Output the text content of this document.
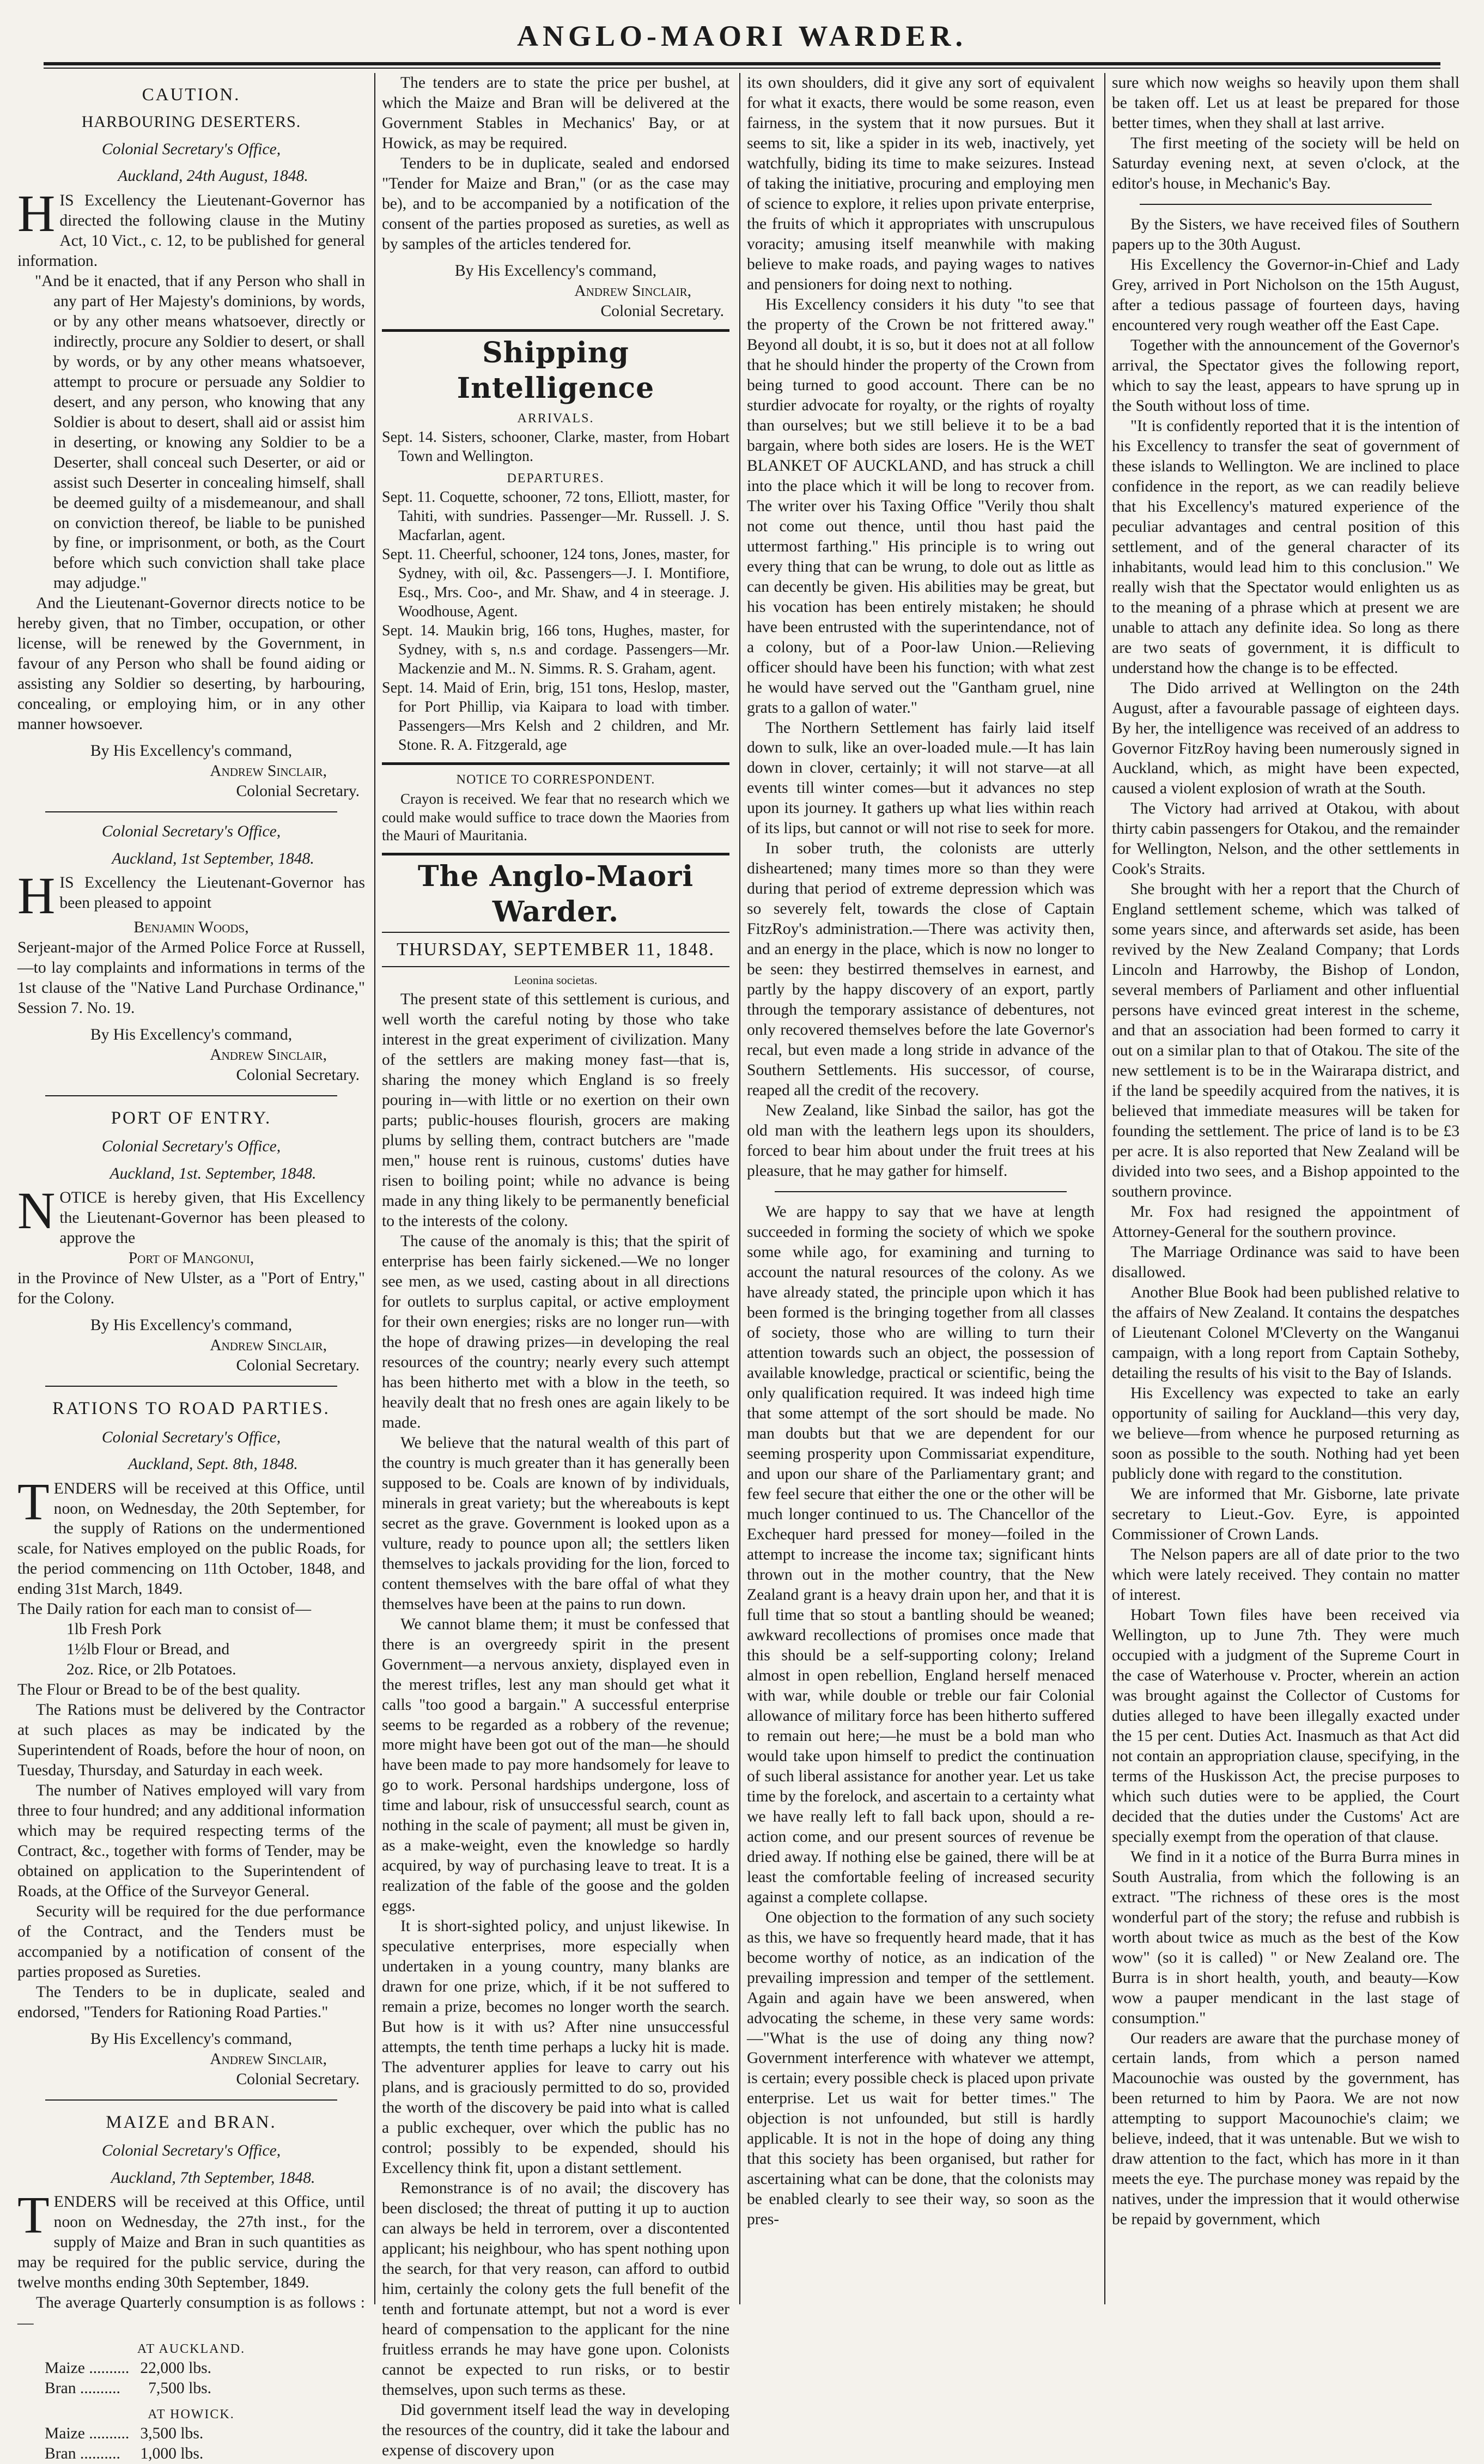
ANGLO-MAORI WARDER.
CAUTION.
HARBOURING DESERTERS.
Colonial Secretary's Office,
Auckland, 24th August, 1848.

HIS Excellency the Lieutenant-Governor has directed the following clause in the Mutiny Act, 10 Vict., c. 12, to be published for general information.

"And be it enacted, that if any Person who shall in any part of Her Majesty's dominions, by words, or by any other means whatsoever, directly or indirectly, procure any Soldier to desert, or shall by words, or by any other means whatsoever, attempt to procure or persuade any Soldier to desert, and any person, who knowing that any Soldier is about to desert, shall aid or assist him in deserting, or knowing any Soldier to be a Deserter, shall conceal such Deserter, or aid or assist such Deserter in concealing himself, shall be deemed guilty of a misdemeanour, and shall on conviction thereof, be liable to be punished by fine, or imprisonment, or both, as the Court before which such conviction shall take place may adjudge."

And the Lieutenant-Governor directs notice to be hereby given, that no Timber, occupation, or other license, will be renewed by the Government, in favour of any Person who shall be found aiding or assisting any Soldier so deserting, by harbouring, concealing, or employing him, or in any other manner howsoever.

By His Excellency's command,
Andrew Sinclair,
Colonial Secretary.
Colonial Secretary's Office,
Auckland, 1st September, 1848.

HIS Excellency the Lieutenant-Governor has been pleased to appoint

Benjamin Woods,

Serjeant-major of the Armed Police Force at Russell,—to lay complaints and informations in terms of the 1st clause of the "Native Land Purchase Ordinance," Session 7. No. 19.

By His Excellency's command,
Andrew Sinclair,
Colonial Secretary.
PORT OF ENTRY.
Colonial Secretary's Office,
Auckland, 1st. September, 1848.

NOTICE is hereby given, that His Excellency the Lieutenant-Governor has been pleased to approve the

Port of Mangonui,

in the Province of New Ulster, as a "Port of Entry," for the Colony.

By His Excellency's command,
Andrew Sinclair,
Colonial Secretary.
RATIONS TO ROAD PARTIES.
Colonial Secretary's Office,
Auckland, Sept. 8th, 1848.

TENDERS will be received at this Office, until noon, on Wednesday, the 20th September, for the supply of Rations on the undermentioned scale, for Natives employed on the public Roads, for the period commencing on 11th October, 1848, and ending 31st March, 1849.

The Daily ration for each man to consist of—

1lb Fresh Pork
1½lb Flour or Bread, and
2oz. Rice, or 2lb Potatoes.

The Flour or Bread to be of the best quality.

The Rations must be delivered by the Contractor at such places as may be indicated by the Superintendent of Roads, before the hour of noon, on Tuesday, Thursday, and Saturday in each week.

The number of Natives employed will vary from three to four hundred; and any additional information which may be required respecting terms of the Contract, &c., together with forms of Tender, may be obtained on application to the Superintendent of Roads, at the Office of the Surveyor General.

Security will be required for the due performance of the Contract, and the Tenders must be accompanied by a notification of consent of the parties proposed as Sureties.

The Tenders to be in duplicate, sealed and endorsed, "Tenders for Rationing Road Parties."

By His Excellency's command,
Andrew Sinclair,
Colonial Secretary.
MAIZE and BRAN.
Colonial Secretary's Office,
Auckland, 7th September, 1848.

TENDERS will be received at this Office, until noon on Wednesday, the 27th inst., for the supply of Maize and Bran in such quantities as may be required for the public service, during the twelve months ending 30th September, 1849.

The average Quarterly consumption is as follows :—

AT AUCKLAND.
Maize ..........	22,000 lbs.
Bran ..........	7,500 lbs.
AT HOWICK.
Maize ..........	3,500 lbs.
Bran ..........	1,000 lbs.

The tenders are to state the price per bushel, at which the Maize and Bran will be delivered at the Government Stables in Mechanics' Bay, or at Howick, as may be required.

Tenders to be in duplicate, sealed and endorsed "Tender for Maize and Bran," (or as the case may be), and to be accompanied by a notification of the consent of the parties proposed as sureties, as well as by samples of the articles tendered for.

By His Excellency's command,
Andrew Sinclair,
Colonial Secretary.
Shipping Intelligence
ARRIVALS.
Sept. 14. Sisters, schooner, Clarke, master, from Hobart Town and Wellington.
DEPARTURES.
Sept. 11. Coquette, schooner, 72 tons, Elliott, master, for Tahiti, with sundries. Passenger—Mr. Russell. J. S. Macfarlan, agent.
Sept. 11. Cheerful, schooner, 124 tons, Jones, master, for Sydney, with oil, &c. Passengers—J. I. Montifiore, Esq., Mrs. Coo-, and Mr. Shaw, and 4 in steerage. J. Woodhouse, Agent.
Sept. 14. Maukin brig, 166 tons, Hughes, master, for Sydney, with s, n.s and cordage. Passengers—Mr. Mackenzie and M.. N. Simms. R. S. Graham, agent.
Sept. 14. Maid of Erin, brig, 151 tons, Heslop, master, for Port Phillip, via Kaipara to load with timber. Passengers—Mrs Kelsh and 2 children, and Mr. Stone. R. A. Fitzgerald, age
NOTICE TO CORRESPONDENT.

Crayon is received. We fear that no research which we could make would suffice to trace down the Maories from the Mauri of Mauritania.

The Anglo-Maori Warder.
THURSDAY, SEPTEMBER 11, 1848.
Leonina societas.

The present state of this settlement is curious, and well worth the careful noting by those who take interest in the great experiment of civilization. Many of the settlers are making money fast—that is, sharing the money which England is so freely pouring in—with little or no exertion on their own parts; public-houses flourish, grocers are making plums by selling them, contract butchers are "made men," house rent is ruinous, customs' duties have risen to boiling point; while no advance is being made in any thing likely to be permanently beneficial to the interests of the colony.

The cause of the anomaly is this; that the spirit of enterprise has been fairly sickened.—We no longer see men, as we used, casting about in all directions for outlets to surplus capital, or active employment for their own energies; risks are no longer run—with the hope of drawing prizes—in developing the real resources of the country; nearly every such attempt has been hitherto met with a blow in the teeth, so heavily dealt that no fresh ones are again likely to be made.

We believe that the natural wealth of this part of the country is much greater than it has generally been supposed to be. Coals are known of by individuals, minerals in great variety; but the whereabouts is kept secret as the grave. Government is looked upon as a vulture, ready to pounce upon all; the settlers liken themselves to jackals providing for the lion, forced to content themselves with the bare offal of what they themselves have been at the pains to run down.

We cannot blame them; it must be confessed that there is an overgreedy spirit in the present Government—a nervous anxiety, displayed even in the merest trifles, lest any man should get what it calls "too good a bargain." A successful enterprise seems to be regarded as a robbery of the revenue; more might have been got out of the man—he should have been made to pay more handsomely for leave to go to work. Personal hardships undergone, loss of time and labour, risk of unsuccessful search, count as nothing in the scale of payment; all must be given in, as a make-weight, even the knowledge so hardly acquired, by way of purchasing leave to treat. It is a realization of the fable of the goose and the golden eggs.

It is short-sighted policy, and unjust likewise. In speculative enterprises, more especially when undertaken in a young country, many blanks are drawn for one prize, which, if it be not suffered to remain a prize, becomes no longer worth the search. But how is it with us? After nine unsuccessful attempts, the tenth time perhaps a lucky hit is made. The adventurer applies for leave to carry out his plans, and is graciously permitted to do so, provided the worth of the discovery be paid into what is called a public exchequer, over which the public has no control; possibly to be expended, should his Excellency think fit, upon a distant settlement.

Remonstrance is of no avail; the discovery has been disclosed; the threat of putting it up to auction can always be held in terrorem, over a discontented applicant; his neighbour, who has spent nothing upon the search, for that very reason, can afford to outbid him, certainly the colony gets the full benefit of the tenth and fortunate attempt, but not a word is ever heard of compensation to the applicant for the nine fruitless errands he may have gone upon. Colonists cannot be expected to run risks, or to bestir themselves, upon such terms as these.

Did government itself lead the way in developing the resources of the country, did it take the labour and expense of discovery upon

its own shoulders, did it give any sort of equivalent for what it exacts, there would be some reason, even fairness, in the system that it now pursues. But it seems to sit, like a spider in its web, inactively, yet watchfully, biding its time to make seizures. Instead of taking the initiative, procuring and employing men of science to explore, it relies upon private enterprise, the fruits of which it appropriates with unscrupulous voracity; amusing itself meanwhile with making believe to make roads, and paying wages to natives and pensioners for doing next to nothing.

His Excellency considers it his duty "to see that the property of the Crown be not frittered away." Beyond all doubt, it is so, but it does not at all follow that he should hinder the property of the Crown from being turned to good account. There can be no sturdier advocate for royalty, or the rights of royalty than ourselves; but we still believe it to be a bad bargain, where both sides are losers. He is the WET BLANKET OF AUCKLAND, and has struck a chill into the place which it will be long to recover from. The writer over his Taxing Office "Verily thou shalt not come out thence, until thou hast paid the uttermost farthing." His principle is to wring out every thing that can be wrung, to dole out as little as can decently be given. His abilities may be great, but his vocation has been entirely mistaken; he should have been entrusted with the superintendance, not of a colony, but of a Poor-law Union.—Relieving officer should have been his function; with what zest he would have served out the "Gantham gruel, nine grats to a gallon of water."

The Northern Settlement has fairly laid itself down to sulk, like an over-loaded mule.—It has lain down in clover, certainly; it will not starve—at all events till winter comes—but it advances no step upon its journey. It gathers up what lies within reach of its lips, but cannot or will not rise to seek for more.

In sober truth, the colonists are utterly disheartened; many times more so than they were during that period of extreme depression which was so severely felt, towards the close of Captain FitzRoy's administration.—There was activity then, and an energy in the place, which is now no longer to be seen: they bestirred themselves in earnest, and partly by the happy discovery of an export, partly through the temporary assistance of debentures, not only recovered themselves before the late Governor's recal, but even made a long stride in advance of the Southern Settlements. His successor, of course, reaped all the credit of the recovery.

New Zealand, like Sinbad the sailor, has got the old man with the leathern legs upon its shoulders, forced to bear him about under the fruit trees at his pleasure, that he may gather for himself.

We are happy to say that we have at length succeeded in forming the society of which we spoke some while ago, for examining and turning to account the natural resources of the colony. As we have already stated, the principle upon which it has been formed is the bringing together from all classes of society, those who are willing to turn their attention towards such an object, the possession of available knowledge, practical or scientific, being the only qualification required. It was indeed high time that some attempt of the sort should be made. No man doubts but that we are dependent for our seeming prosperity upon Commissariat expenditure, and upon our share of the Parliamentary grant; and few feel secure that either the one or the other will be much longer continued to us. The Chancellor of the Exchequer hard pressed for money—foiled in the attempt to increase the income tax; significant hints thrown out in the mother country, that the New Zealand grant is a heavy drain upon her, and that it is full time that so stout a bantling should be weaned; awkward recollections of promises once made that this should be a self-supporting colony; Ireland almost in open rebellion, England herself menaced with war, while double or treble our fair Colonial allowance of military force has been hitherto suffered to remain out here;—he must be a bold man who would take upon himself to predict the continuation of such liberal assistance for another year. Let us take time by the forelock, and ascertain to a certainty what we have really left to fall back upon, should a re-action come, and our present sources of revenue be dried away. If nothing else be gained, there will be at least the comfortable feeling of increased security against a complete collapse.

One objection to the formation of any such society as this, we have so frequently heard made, that it has become worthy of notice, as an indication of the prevailing impression and temper of the settlement. Again and again have we been answered, when advocating the scheme, in these very same words:—"What is the use of doing any thing now? Government interference with whatever we attempt, is certain; every possible check is placed upon private enterprise. Let us wait for better times." The objection is not unfounded, but still is hardly applicable. It is not in the hope of doing any thing that this society has been organised, but rather for ascertaining what can be done, that the colonists may be enabled clearly to see their way, so soon as the pres-

sure which now weighs so heavily upon them shall be taken off. Let us at least be prepared for those better times, when they shall at last arrive.

The first meeting of the society will be held on Saturday evening next, at seven o'clock, at the editor's house, in Mechanic's Bay.

By the Sisters, we have received files of Southern papers up to the 30th August.

His Excellency the Governor-in-Chief and Lady Grey, arrived in Port Nicholson on the 15th August, after a tedious passage of fourteen days, having encountered very rough weather off the East Cape.

Together with the announcement of the Governor's arrival, the Spectator gives the following report, which to say the least, appears to have sprung up in the South without loss of time.

"It is confidently reported that it is the intention of his Excellency to transfer the seat of government of these islands to Wellington. We are inclined to place confidence in the report, as we can readily believe that his Excellency's matured experience of the peculiar advantages and central position of this settlement, and of the general character of its inhabitants, would lead him to this conclusion." We really wish that the Spectator would enlighten us as to the meaning of a phrase which at present we are unable to attach any definite idea. So long as there are two seats of government, it is difficult to understand how the change is to be effected.

The Dido arrived at Wellington on the 24th August, after a favourable passage of eighteen days. By her, the intelligence was received of an address to Governor FitzRoy having been numerously signed in Auckland, which, as might have been expected, caused a violent explosion of wrath at the South.

The Victory had arrived at Otakou, with about thirty cabin passengers for Otakou, and the remainder for Wellington, Nelson, and the other settlements in Cook's Straits.

She brought with her a report that the Church of England settlement scheme, which was talked of some years since, and afterwards set aside, has been revived by the New Zealand Company; that Lords Lincoln and Harrowby, the Bishop of London, several members of Parliament and other influential persons have evinced great interest in the scheme, and that an association had been formed to carry it out on a similar plan to that of Otakou. The site of the new settlement is to be in the Wairarapa district, and if the land be speedily acquired from the natives, it is believed that immediate measures will be taken for founding the settlement. The price of land is to be £3 per acre. It is also reported that New Zealand will be divided into two sees, and a Bishop appointed to the southern province.

Mr. Fox had resigned the appointment of Attorney-General for the southern province.

The Marriage Ordinance was said to have been disallowed.

Another Blue Book had been published relative to the affairs of New Zealand. It contains the despatches of Lieutenant Colonel M'Cleverty on the Wanganui campaign, with a long report from Captain Sotheby, detailing the results of his visit to the Bay of Islands.

His Excellency was expected to take an early opportunity of sailing for Auckland—this very day, we believe—from whence he purposed returning as soon as possible to the south. Nothing had yet been publicly done with regard to the constitution.

We are informed that Mr. Gisborne, late private secretary to Lieut.-Gov. Eyre, is appointed Commissioner of Crown Lands.

The Nelson papers are all of date prior to the two which were lately received. They contain no matter of interest.

Hobart Town files have been received via Wellington, up to June 7th. They were much occupied with a judgment of the Supreme Court in the case of Waterhouse v. Procter, wherein an action was brought against the Collector of Customs for duties alleged to have been illegally exacted under the 15 per cent. Duties Act. Inasmuch as that Act did not contain an appropriation clause, specifying, in the terms of the Huskisson Act, the precise purposes to which such duties were to be applied, the Court decided that the duties under the Customs' Act are specially exempt from the operation of that clause.

We find in it a notice of the Burra Burra mines in South Australia, from which the following is an extract. "The richness of these ores is the most wonderful part of the story; the refuse and rubbish is worth about twice as much as the best of the Kow wow" (so it is called) " or New Zealand ore. The Burra is in short health, youth, and beauty—Kow wow a pauper mendicant in the last stage of consumption."

Our readers are aware that the purchase money of certain lands, from which a person named Macounochie was ousted by the government, has been returned to him by Paora. We are not now attempting to support Macounochie's claim; we believe, indeed, that it was untenable. But we wish to draw attention to the fact, which has more in it than meets the eye. The purchase money was repaid by the natives, under the impression that it would otherwise be repaid by government, which
